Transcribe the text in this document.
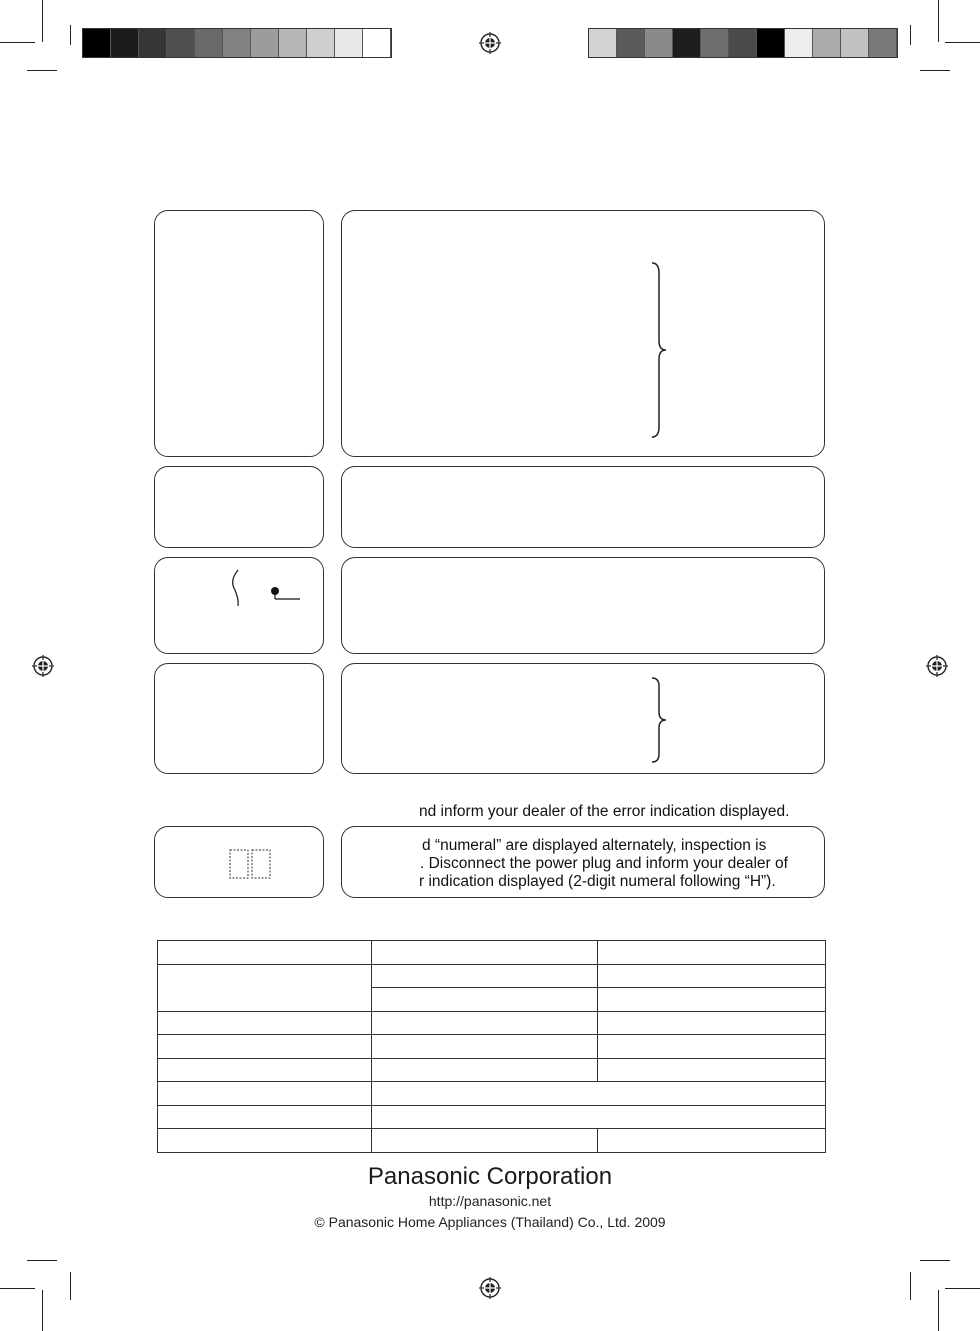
nd inform your dealer of the error indication displayed.
d “numeral” are displayed alternately, inspection is
. Disconnect the power plug and inform your dealer of
r indication displayed (2-digit numeral following “H”).

Panasonic Corporation
http://panasonic.net
© Panasonic Home Appliances (Thailand) Co., Ltd. 2009
